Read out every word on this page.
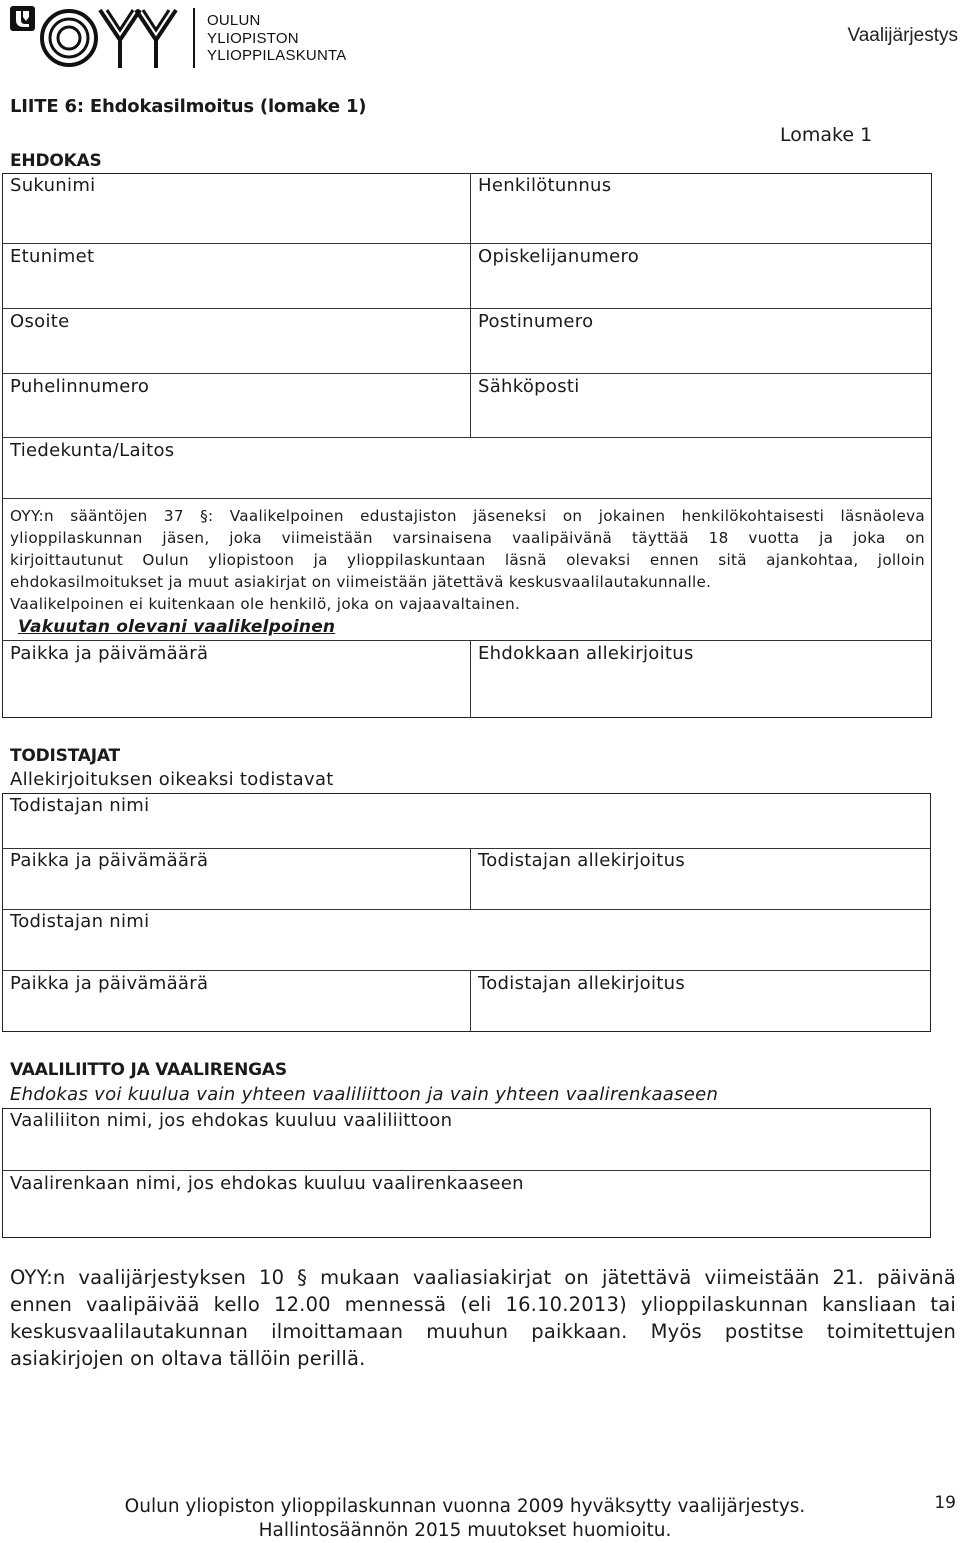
OULUN
YLIOPISTON
YLIOPPILASKUNTA
Vaalijärjestys
LIITE 6: Ehdokasilmoitus (lomake 1)
Lomake 1
EHDOKAS
Sukunimi	Henkilötunnus
Etunimet	Opiskelijanumero
Osoite	Postinumero
Puhelinnumero	Sähköposti
Tiedekunta/Laitos
OYY:n sääntöjen 37 §: Vaalikelpoinen edustajiston jäseneksi on jokainen henkilökohtaisesti läsnäoleva
ylioppilaskunnan jäsen, joka viimeistään varsinaisena vaalipäivänä täyttää 18 vuotta ja joka on
kirjoittautunut Oulun yliopistoon ja ylioppilaskuntaan läsnä olevaksi ennen sitä ajankohtaa, jolloin
ehdokasilmoitukset ja muut asiakirjat on viimeistään jätettävä keskusvaalilautakunnalle.
Vaalikelpoinen ei kuitenkaan ole henkilö, joka on vajaavaltainen.
Vakuutan olevani vaalikelpoinen
Paikka ja päivämäärä	Ehdokkaan allekirjoitus
TODISTAJAT
Allekirjoituksen oikeaksi todistavat
Todistajan nimi
Paikka ja päivämäärä	Todistajan allekirjoitus
Todistajan nimi
Paikka ja päivämäärä	Todistajan allekirjoitus
VAALILIITTO JA VAALIRENGAS
Ehdokas voi kuulua vain yhteen vaaliliittoon ja vain yhteen vaalirenkaaseen
Vaaliliiton nimi, jos ehdokas kuuluu vaaliliittoon
Vaalirenkaan nimi, jos ehdokas kuuluu vaalirenkaaseen
OYY:n vaalijärjestyksen 10 § mukaan vaaliasiakirjat on jätettävä viimeistään 21. päivänä
ennen vaalipäivää kello 12.00 mennessä (eli 16.10.2013) ylioppilaskunnan kansliaan tai
keskusvaalilautakunnan ilmoittamaan muuhun paikkaan. Myös postitse toimitettujen
asiakirjojen on oltava tällöin perillä.
Oulun yliopiston ylioppilaskunnan vuonna 2009 hyväksytty vaalijärjestys.
Hallintosäännön 2015 muutokset huomioitu.
19
